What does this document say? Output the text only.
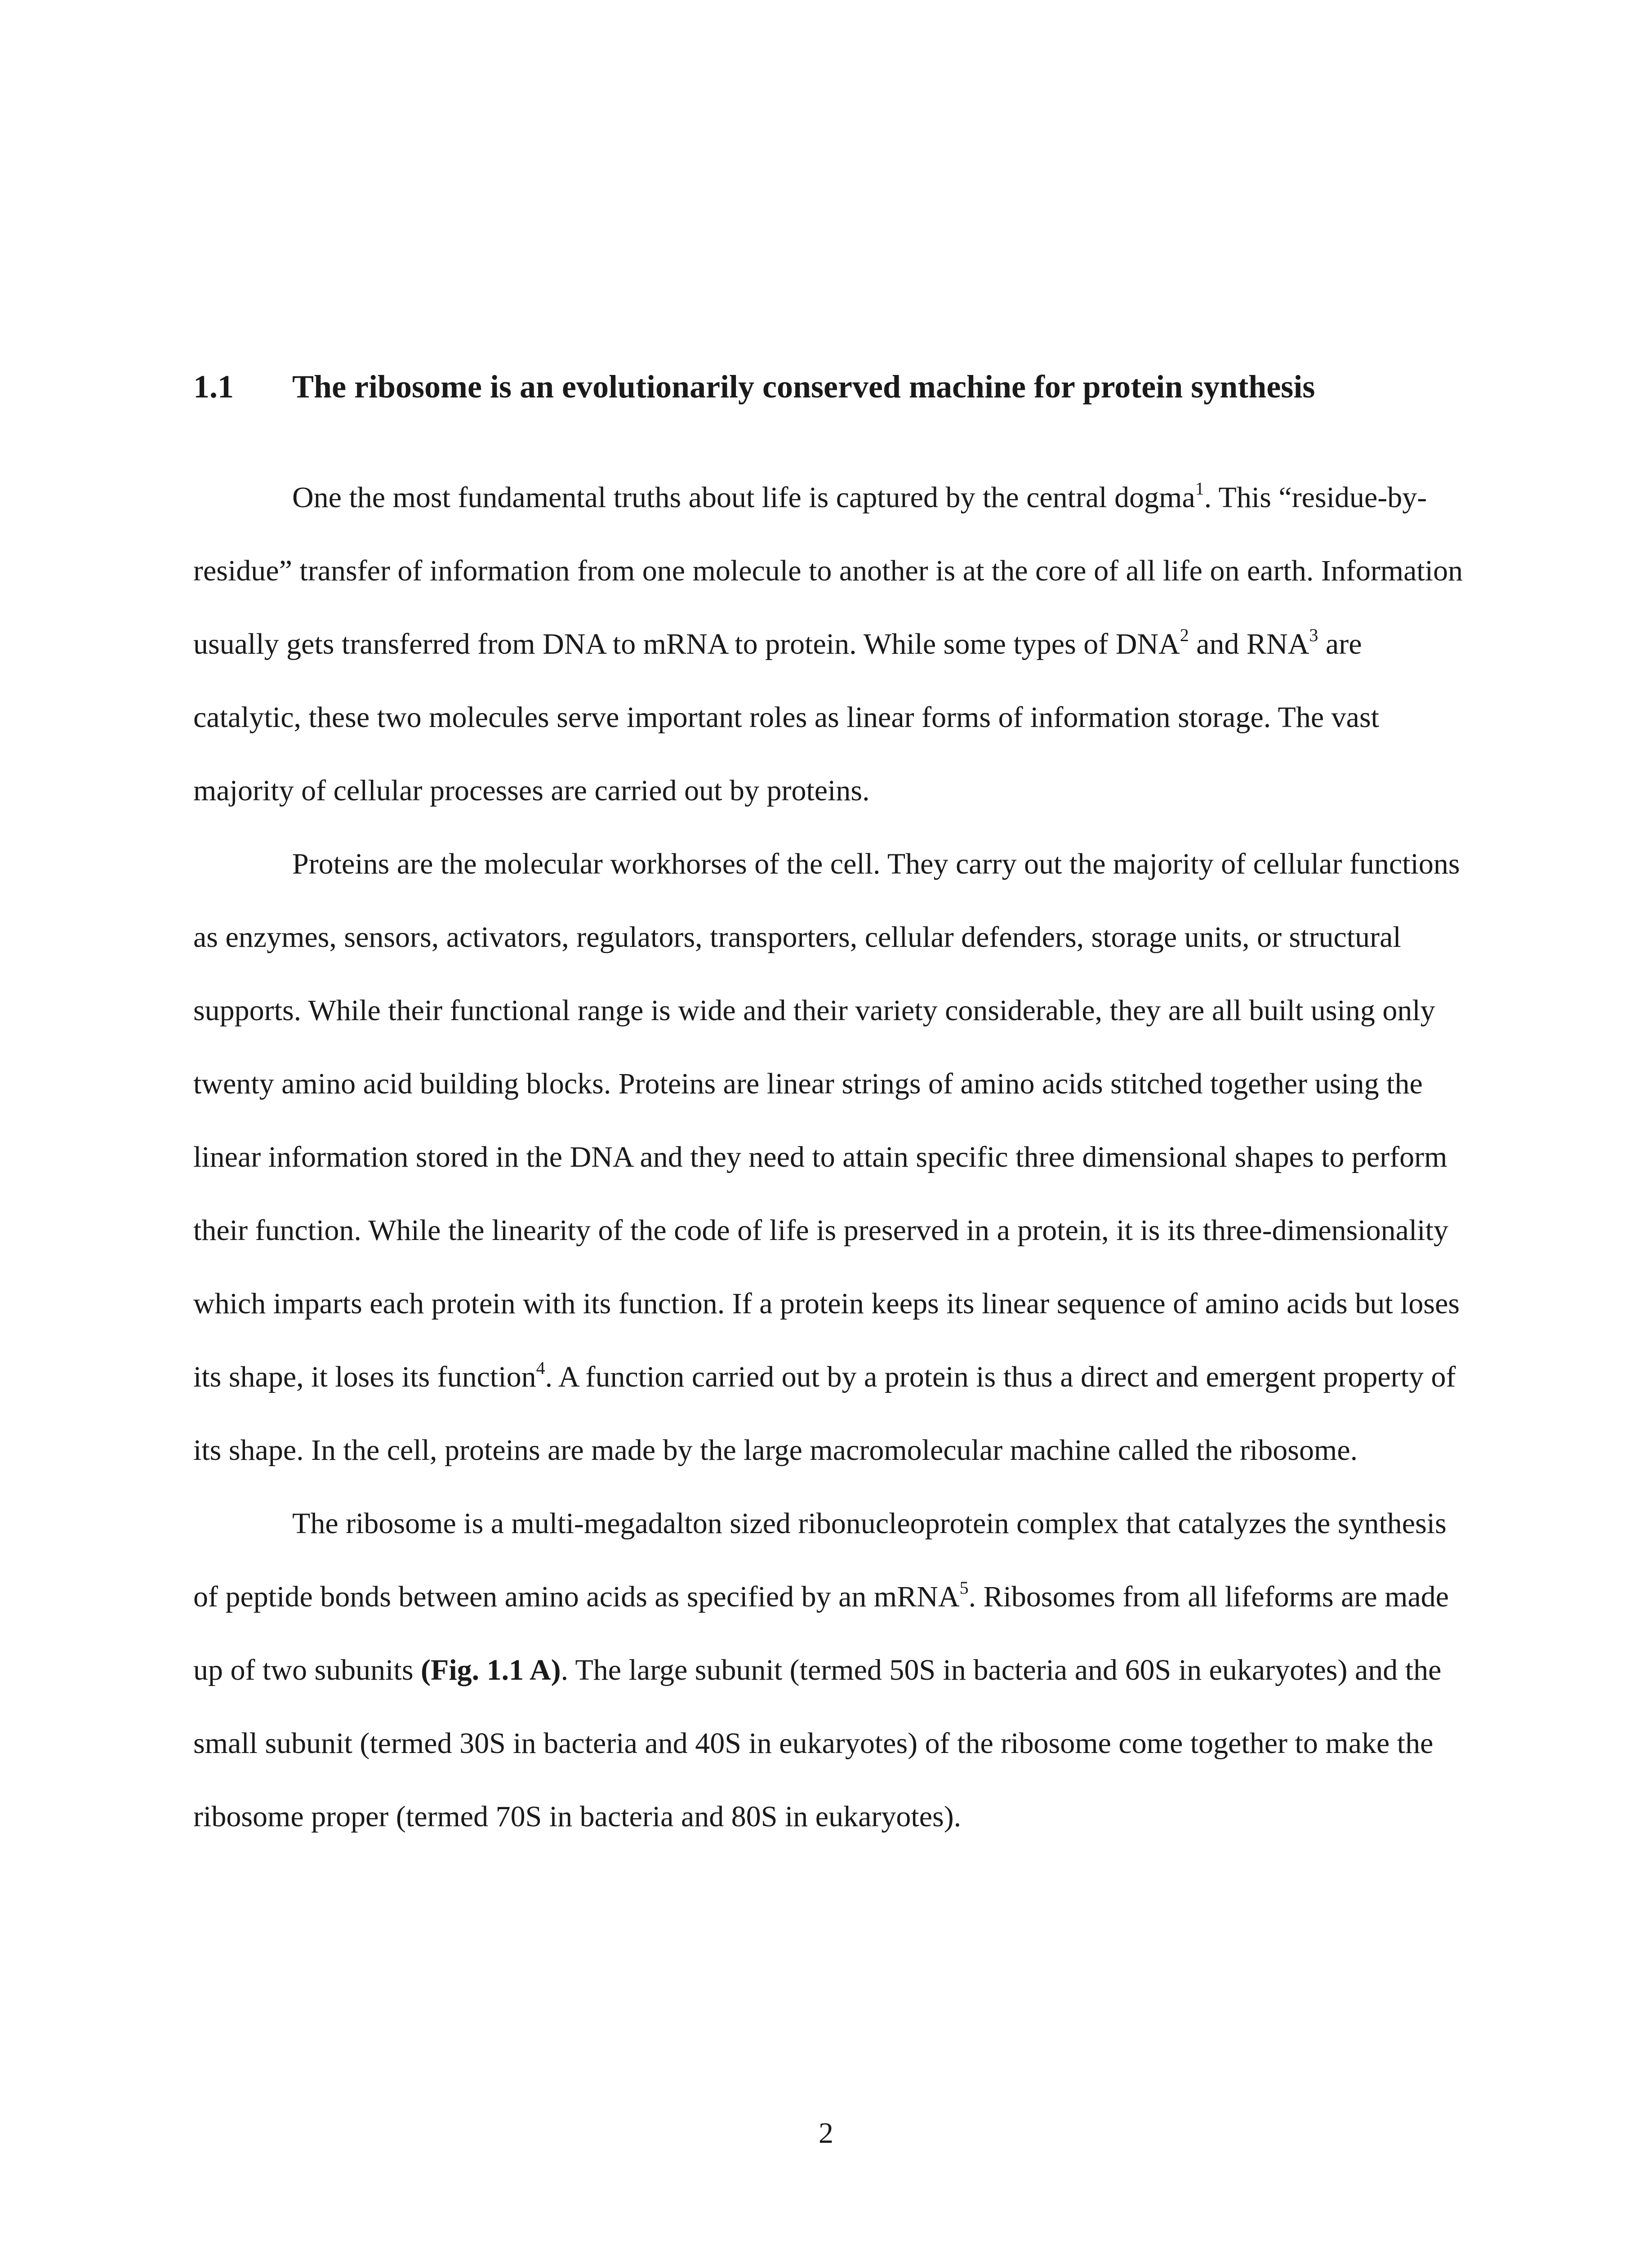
1.1 The ribosome is an evolutionarily conserved machine for protein synthesis

One the most fundamental truths about life is captured by the central dogma$^1$. This “residue-by-residue” transfer of information from one molecule to another is at the core of all life on earth. Information usually gets transferred from DNA to mRNA to protein. While some types of DNA$^2$ and RNA$^3$ are catalytic, these two molecules serve important roles as linear forms of information storage. The vast majority of cellular processes are carried out by proteins.

Proteins are the molecular workhorses of the cell. They carry out the majority of cellular functions as enzymes, sensors, activators, regulators, transporters, cellular defenders, storage units, or structural supports. While their functional range is wide and their variety considerable, they are all built using only twenty amino acid building blocks. Proteins are linear strings of amino acids stitched together using the linear information stored in the DNA and they need to attain specific three dimensional shapes to perform their function. While the linearity of the code of life is preserved in a protein, it is its three-dimensionality which imparts each protein with its function. If a protein keeps its linear sequence of amino acids but loses its shape, it loses its function$^4$. A function carried out by a protein is thus a direct and emergent property of its shape. In the cell, proteins are made by the large macromolecular machine called the ribosome.

The ribosome is a multi-megadalton sized ribonucleoprotein complex that catalyzes the synthesis of peptide bonds between amino acids as specified by an mRNA$^5$. Ribosomes from all lifeforms are made up of two subunits (Fig. 1.1 A). The large subunit (termed 50S in bacteria and 60S in eukaryotes) and the small subunit (termed 30S in bacteria and 40S in eukaryotes) of the ribosome come together to make the ribosome proper (termed 70S in bacteria and 80S in eukaryotes).

2
